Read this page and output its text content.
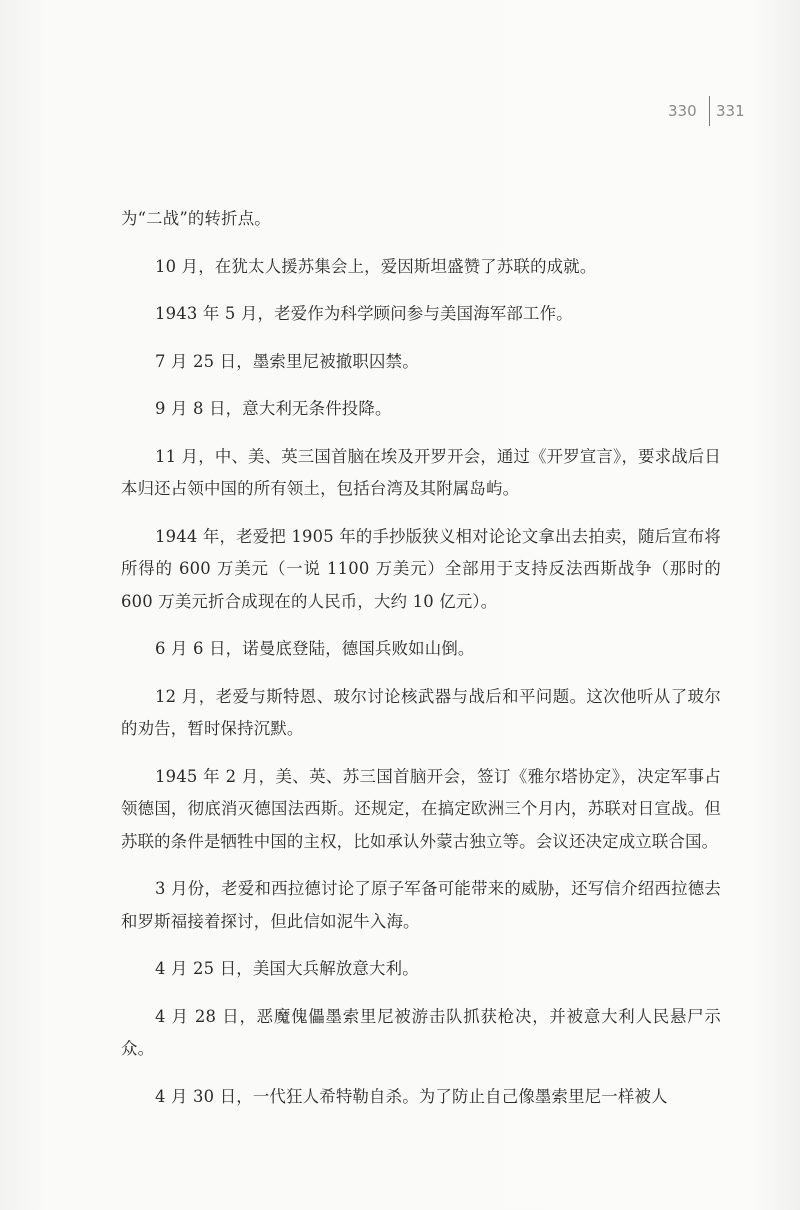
330 331

为“二战”的转折点。

10 月，在犹太人援苏集会上，爱因斯坦盛赞了苏联的成就。

1943 年 5 月，老爱作为科学顾问参与美国海军部工作。

7 月 25 日，墨索里尼被撤职囚禁。

9 月 8 日，意大利无条件投降。

11 月，中、美、英三国首脑在埃及开罗开会，通过《开罗宣言》，要求战后日本归还占领中国的所有领土，包括台湾及其附属岛屿。

1944 年，老爱把 1905 年的手抄版狭义相对论论文拿出去拍卖，随后宣布将所得的 600 万美元（一说 1100 万美元）全部用于支持反法西斯战争（那时的 600 万美元折合成现在的人民币，大约 10 亿元）。

6 月 6 日，诺曼底登陆，德国兵败如山倒。

12 月，老爱与斯特恩、玻尔讨论核武器与战后和平问题。这次他听从了玻尔的劝告，暂时保持沉默。

1945 年 2 月，美、英、苏三国首脑开会，签订《雅尔塔协定》，决定军事占领德国，彻底消灭德国法西斯。还规定，在搞定欧洲三个月内，苏联对日宣战。但苏联的条件是牺牲中国的主权，比如承认外蒙古独立等。会议还决定成立联合国。

3 月份，老爱和西拉德讨论了原子军备可能带来的威胁，还写信介绍西拉德去和罗斯福接着探讨，但此信如泥牛入海。

4 月 25 日，美国大兵解放意大利。

4 月 28 日，恶魔傀儡墨索里尼被游击队抓获枪决，并被意大利人民悬尸示众。

4 月 30 日，一代狂人希特勒自杀。为了防止自己像墨索里尼一样被人
